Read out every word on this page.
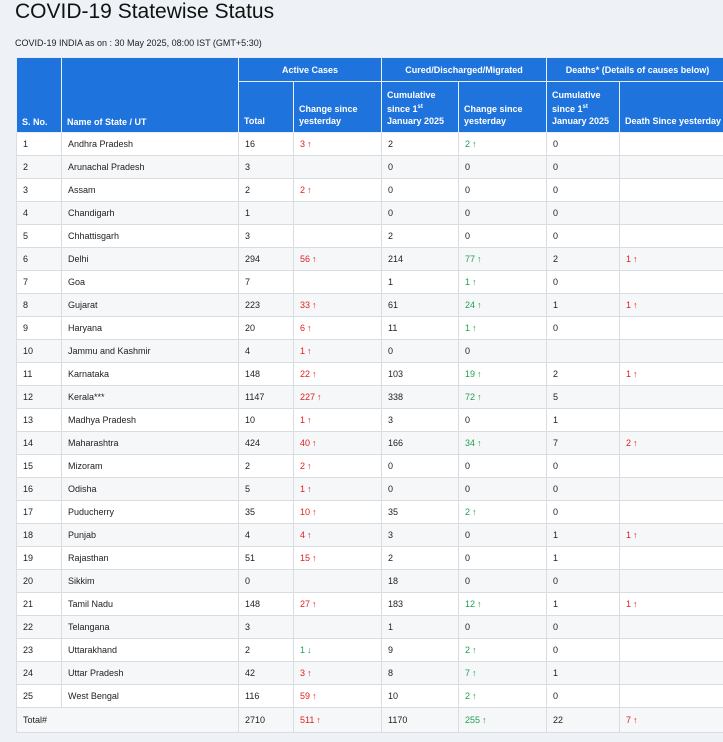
COVID-19 Statewise Status
COVID-19 INDIA as on : 30 May 2025, 08:00 IST (GMT+5:30)
S. No.	Name of State / UT	Active Cases		Cured/Discharged/Migrated		Deaths* (Details of causes below)	
		Total	Change since yesterday	Cumulative since 1st January 2025	Change since yesterday	Cumulative since 1st January 2025	Death Since yesterday
1	Andhra Pradesh	16	3 ↑	2	2 ↑	0	
2	Arunachal Pradesh	3		0	0	0	
3	Assam	2	2 ↑	0	0	0	
4	Chandigarh	1		0	0	0	
5	Chhattisgarh	3		2	0	0	
6	Delhi	294	56 ↑	214	77 ↑	2	1 ↑
7	Goa	7		1	1 ↑	0	
8	Gujarat	223	33 ↑	61	24 ↑	1	1 ↑
9	Haryana	20	6 ↑	11	1 ↑	0	
10	Jammu and Kashmir	4	1 ↑	0	0		
11	Karnataka	148	22 ↑	103	19 ↑	2	1 ↑
12	Kerala***	1147	227 ↑	338	72 ↑	5	
13	Madhya Pradesh	10	1 ↑	3	0	1	
14	Maharashtra	424	40 ↑	166	34 ↑	7	2 ↑
15	Mizoram	2	2 ↑	0	0	0	
16	Odisha	5	1 ↑	0	0	0	
17	Puducherry	35	10 ↑	35	2 ↑	0	
18	Punjab	4	4 ↑	3	0	1	1 ↑
19	Rajasthan	51	15 ↑	2	0	1	
20	Sikkim	0		18	0	0	
21	Tamil Nadu	148	27 ↑	183	12 ↑	1	1 ↑
22	Telangana	3		1	0	0	
23	Uttarakhand	2	1 ↓	9	2 ↑	0	
24	Uttar Pradesh	42	3 ↑	8	7 ↑	1	
25	West Bengal	116	59 ↑	10	2 ↑	0	
Total#		2710	511 ↑	1170	255 ↑	22	7 ↑
